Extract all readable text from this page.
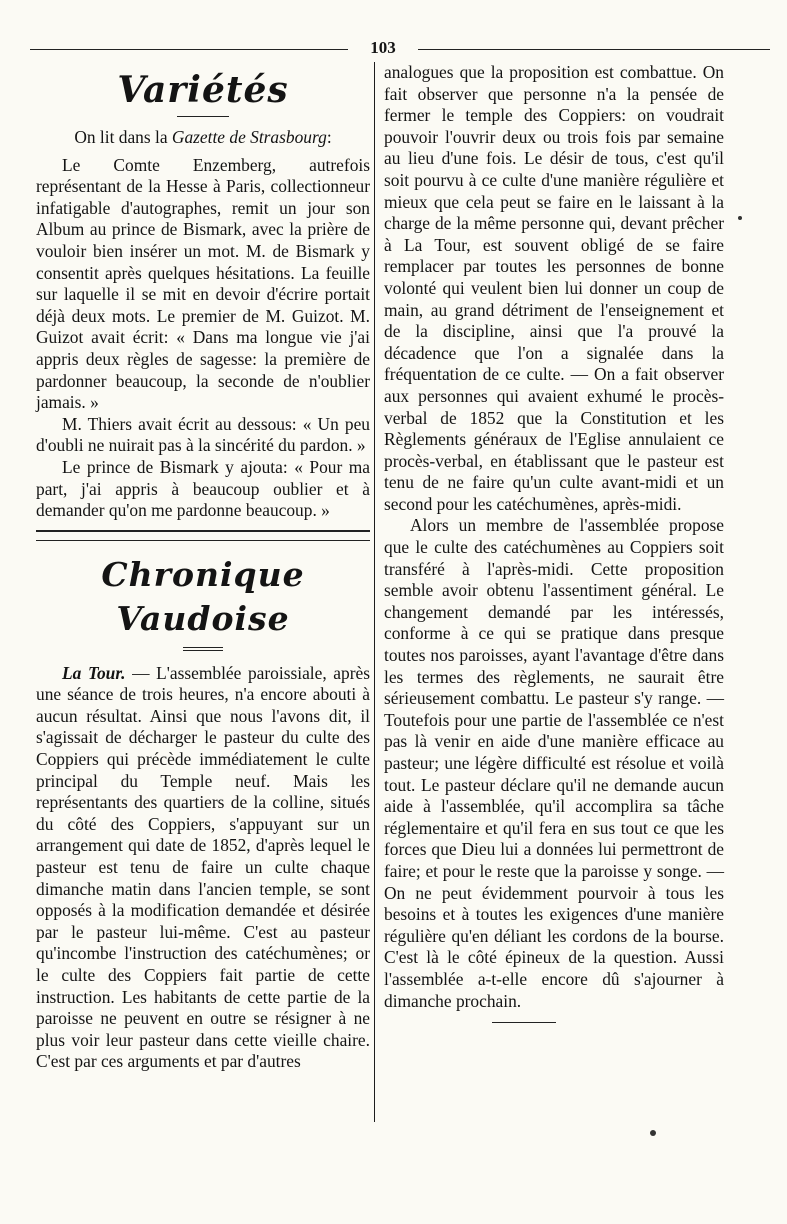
103
Variétés

On lit dans la Gazette de Strasbourg:

Le Comte Enzemberg, autrefois représentant de la Hesse à Paris, collectionneur infatigable d'autographes, remit un jour son Album au prince de Bismark, avec la prière de vouloir bien insérer un mot. M. de Bismark y consentit après quelques hésitations. La feuille sur laquelle il se mit en devoir d'écrire portait déjà deux mots. Le premier de M. Guizot. M. Guizot avait écrit: « Dans ma longue vie j'ai appris deux règles de sagesse: la première de pardonner beaucoup, la seconde de n'oublier jamais. »

M. Thiers avait écrit au dessous: « Un peu d'oubli ne nuirait pas à la sincérité du pardon. »

Le prince de Bismark y ajouta: « Pour ma part, j'ai appris à beaucoup oublier et à demander qu'on me pardonne beaucoup. »

Chronique Vaudoise

La Tour. — L'assemblée paroissiale, après une séance de trois heures, n'a encore abouti à aucun résultat. Ainsi que nous l'avons dit, il s'agissait de décharger le pasteur du culte des Coppiers qui précède immédiatement le culte principal du Temple neuf. Mais les représentants des quartiers de la colline, situés du côté des Coppiers, s'appuyant sur un arrangement qui date de 1852, d'après lequel le pasteur est tenu de faire un culte chaque dimanche matin dans l'ancien temple, se sont opposés à la modification demandée et désirée par le pasteur lui-même. C'est au pasteur qu'incombe l'instruction des catéchumènes; or le culte des Coppiers fait partie de cette instruction. Les habitants de cette partie de la paroisse ne peuvent en outre se résigner à ne plus voir leur pasteur dans cette vieille chaire. C'est par ces arguments et par d'autres

analogues que la proposition est combattue. On fait observer que personne n'a la pensée de fermer le temple des Coppiers: on voudrait pouvoir l'ouvrir deux ou trois fois par semaine au lieu d'une fois. Le désir de tous, c'est qu'il soit pourvu à ce culte d'une manière régulière et mieux que cela peut se faire en le laissant à la charge de la même personne qui, devant prêcher à La Tour, est souvent obligé de se faire remplacer par toutes les personnes de bonne volonté qui veulent bien lui donner un coup de main, au grand détriment de l'enseignement et de la discipline, ainsi que l'a prouvé la décadence que l'on a signalée dans la fréquentation de ce culte. — On a fait observer aux personnes qui avaient exhumé le procès-verbal de 1852 que la Constitution et les Règlements généraux de l'Eglise annulaient ce procès-verbal, en établissant que le pasteur est tenu de ne faire qu'un culte avant-midi et un second pour les catéchumènes, après-midi.

Alors un membre de l'assemblée propose que le culte des catéchumènes au Coppiers soit transféré à l'après-midi. Cette proposition semble avoir obtenu l'assentiment général. Le changement demandé par les intéressés, conforme à ce qui se pratique dans presque toutes nos paroisses, ayant l'avantage d'être dans les termes des règlements, ne saurait être sérieusement combattu. Le pasteur s'y range. — Toutefois pour une partie de l'assemblée ce n'est pas là venir en aide d'une manière efficace au pasteur; une légère difficulté est résolue et voilà tout. Le pasteur déclare qu'il ne demande aucun aide à l'assemblée, qu'il accomplira sa tâche réglementaire et qu'il fera en sus tout ce que les forces que Dieu lui a données lui permettront de faire; et pour le reste que la paroisse y songe. — On ne peut évidemment pourvoir à tous les besoins et à toutes les exigences d'une manière régulière qu'en déliant les cordons de la bourse. C'est là le côté épineux de la question. Aussi l'assemblée a-t-elle encore dû s'ajourner à dimanche prochain.
